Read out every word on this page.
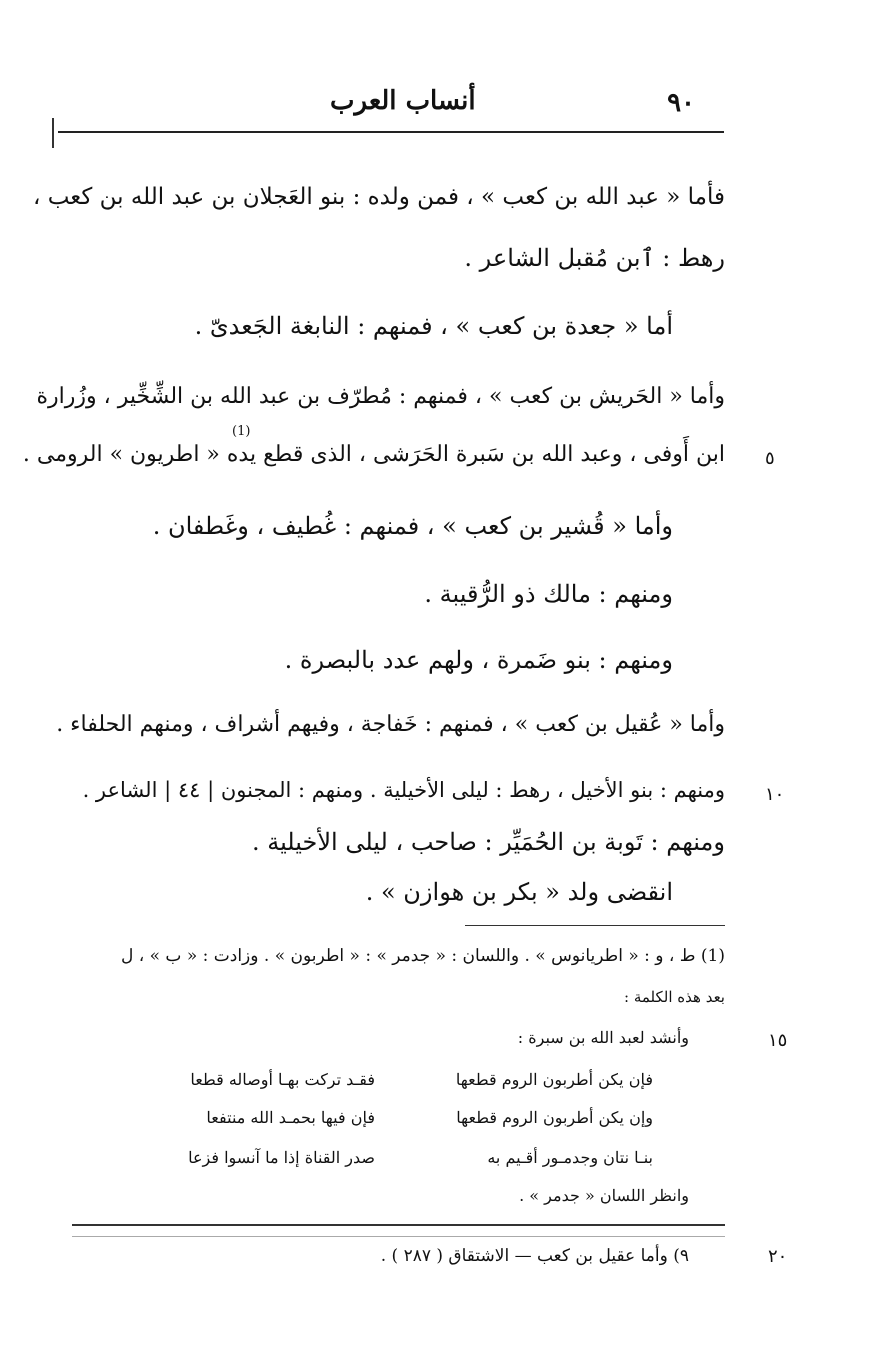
٩٠
أنساب العرب
فأما « عبد الله بن كعب » ، فمن ولده : بنو العَجلان بن عبد الله بن كعب ،
رهط : ٱبن مُقبل الشاعر .
أما « جعدة بن كعب » ، فمنهم : النابغة الجَعدىّ .
وأما « الحَريش بن كعب » ، فمنهم : مُطرّف بن عبد الله بن الشِّخِّير ، وزُرارة
(1)
ابن أَوفى ، وعبد الله بن سَبرة الحَرَشى ، الذى قطع يده « اطريون » الرومى . ٥
وأما « قُشير بن كعب » ، فمنهم : غُطيف ، وغَطفان .
ومنهم : مالك ذو الرُّقيبة .
ومنهم : بنو ضَمرة ، ولهم عدد بالبصرة .
وأما « عُقيل بن كعب » ، فمنهم : خَفاجة ، وفيهم أشراف ، ومنهم الحلفاء .
ومنهم : بنو الأخيل ، رهط : ليلى الأخيلية . ومنهم : المجنون | ٤٤ | الشاعر . ١٠
ومنهم : تَوبة بن الحُمَيِّر : صاحب ، ليلى الأخيلية .
انقضى ولد « بكر بن هوازن » .
(1) ط ، و : « اطريانوس » . واللسان : « جدمر » : « اطربون » . وزادت : « ب » ، ل
بعد هذه الكلمة :
وأنشد لعبد الله بن سبرة :	١٥
فإن يكن أطربون الروم قطعها
فقـد تركت بهـا أوصاله قطعا
وإن يكن أطربون الروم قطعها
فإن فيها بحمـد الله منتفعا
بنـا نتان وجدمـور أقـيم به
صدر القناة إذا ما آنسوا فزعا
وانظر اللسان « جدمر » .
٩) وأما عقيل بن كعب — الاشتقاق ( ٢٨٧ ) .	٢٠
